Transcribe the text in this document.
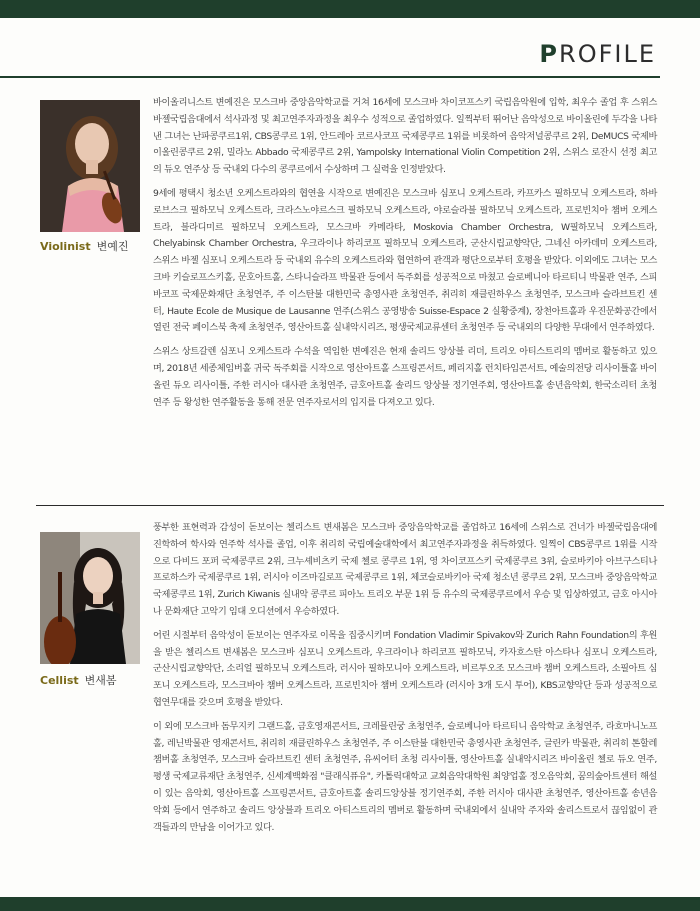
PROFILE
Violinist 변예진

바이올리니스트 변예진은 모스크바 중앙음악학교를 거쳐 16세에 모스크바 차이코프스키 국립음악원에 입학, 최우수 졸업 후 스위스 바젤국립음대에서 석사과정 및 최고연주자과정을 최우수 성적으로 졸업하였다. 일찍부터 뛰어난 음악성으로 바이올린에 두각을 나타낸 그녀는 난파콩쿠르1위, CBS콩쿠르 1위, 안드레아 코르사코프 국제콩쿠르 1위를 비롯하여 음악저널콩쿠르 2위, DeMUCS 국제바이올린콩쿠르 2위, 밀라노 Abbado 국제콩쿠르 2위, Yampolsky International Violin Competition 2위, 스위스 로잔시 선정 최고의 듀오 연주상 등 국내외 다수의 콩쿠르에서 수상하며 그 실력을 인정받았다.

9세에 평택시 청소년 오케스트라와의 협연을 시작으로 변예진은 모스크바 심포니 오케스트라, 카프카스 필하모닉 오케스트라, 하바로브스크 필하모닉 오케스트라, 크라스노야르스크 필하모닉 오케스트라, 야로슬라블 필하모닉 오케스트라, 프로빈치아 챔버 오케스트라, 블라디미르 필하모닉 오케스트라, 모스크바 카메라타, Moskovia Chamber Orchestra, W필하모닉 오케스트라, Chelyabinsk Chamber Orchestra, 우크라이나 하리코프 필하모닉 오케스트라, 군산시립교향악단, 그네신 아카데미 오케스트라, 스위스 바젤 심포니 오케스트라 등 국내외 유수의 오케스트라와 협연하여 관객과 평단으로부터 호평을 받았다. 이외에도 그녀는 모스크바 키슬로프스키홀, 문호아트홀, 스타니슬라프 박물관 등에서 독주회를 성공적으로 마쳤고 슬로베니아 타르티니 박물관 연주, 스피바코프 국제문화재단 초청연주, 주 이스탄불 대한민국 총영사관 초청연주, 취리히 재클린하우스 초청연주, 모스크바 슬라브트킨 센터, Haute Ecole de Musique de Lausanne 연주(스위스 공영방송 Suisse-Espace 2 실황중계), 장천아트홀과 우진문화공간에서 열린 전국 페이스북 축제 초청연주, 영산아트홀 실내악시리즈, 평생국제교류센터 초청연주 등 국내외의 다양한 무대에서 연주하였다.

스위스 상트갈렌 심포니 오케스트라 수석을 역임한 변예진은 현재 솔리드 앙상블 리더, 트리오 아티스트리의 멤버로 활동하고 있으며, 2018년 세종체임버홀 귀국 독주회를 시작으로 영산아트홀 스프링콘서트, 페리지홀 런치타임콘서트, 예술의전당 리사이틀홀 바이올린 듀오 리사이틀, 주한 러시아 대사관 초청연주, 금호아트홀 솔리드 앙상블 정기연주회, 영산아트홀 송년음악회, 한국소리터 초청연주 등 왕성한 연주활동을 통해 전문 연주자로서의 입지를 다져오고 있다.

Cellist 변새봄

풍부한 표현력과 감성이 돋보이는 첼리스트 변새봄은 모스크바 중앙음악학교를 졸업하고 16세에 스위스로 건너가 바젤국립음대에 진학하여 학사와 연주학 석사를 졸업, 이후 취리히 국립예술대학에서 최고연주자과정을 취득하였다. 일찍이 CBS콩쿠르 1위를 시작으로 다비드 포퍼 국제콩쿠르 2위, 크누셰비츠키 국제 첼로 콩쿠르 1위, 영 차이코프스키 국제콩쿠르 3위, 슬로바키아 아브구스티나 프로하스카 국제콩쿠르 1위, 러시아 이즈마길로프 국제콩쿠르 1위, 체코슬로바키아 국제 청소년 콩쿠르 2위, 모스크바 중앙음악학교 국제콩쿠르 1위, Zurich Kiwanis 실내악 콩쿠르 피아노 트리오 부문 1위 등 유수의 국제콩쿠르에서 우승 및 입상하였고, 금호 아시아나 문화재단 고악기 임대 오디션에서 우승하였다.

어린 시절부터 음악성이 돋보이는 연주자로 이목을 집중시키며 Fondation Vladimir Spivakov와 Zurich Rahn Foundation의 후원을 받은 첼리스트 변새봄은 모스크바 심포니 오케스트라, 우크라이나 하리코프 필하모닉, 카자흐스탄 아스타나 심포니 오케스트라, 군산시립교향악단, 소리얼 필하모닉 오케스트라, 러시아 필하모니아 오케스트라, 비르투오조 모스크바 챔버 오케스트라, 소필아트 심포니 오케스트라, 모스크바아 챔버 오케스트라, 프로빈치아 챔버 오케스트라 (러시아 3개 도시 투어), KBS교향악단 등과 성공적으로 협연무대를 갖으며 호평을 받았다.

이 외에 모스크바 돔무지키 그랜드홀, 금호영재콘서트, 크레믈린궁 초청연주, 슬로베니아 타르티니 음악학교 초청연주, 라흐마니노프홀, 레닌박물관 영재콘서트, 취리히 재클린하우스 초청연주, 주 이스탄불 대한민국 총영사관 초청연주, 글린카 박물관, 취리히 톤할레 챔버홀 초청연주, 모스크바 슬라브트킨 센터 초청연주, 유씨어터 초청 리사이틀, 영산아트홀 실내악시리즈 바이올린 첼로 듀오 연주, 평생 국제교류재단 초청연주, 신세계백화점 "클래식퓨유", 카톨릭대학교 교회음악대학원 최양업홀 정오음악회, 꿈의숲아트센터 해설이 있는 음악회, 영산아트홀 스프링콘서트, 금호아트홀 솔리드앙상블 정기연주회, 주한 러시아 대사관 초청연주, 영산아트홀 송년음악회 등에서 연주하고 솔리드 앙상블과 트리오 아티스트리의 멤버로 활동하며 국내외에서 실내악 주자와 솔리스트로서 끊임없이 관객들과의 만남을 이어가고 있다.
